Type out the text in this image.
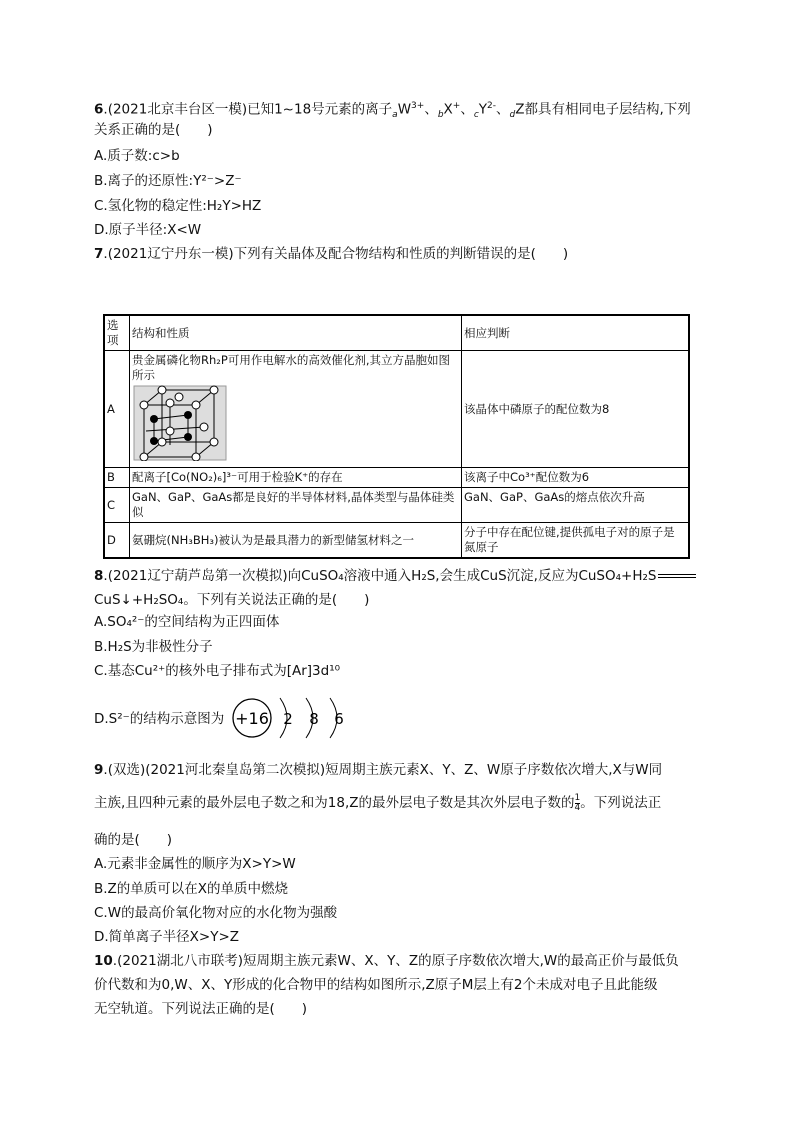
6.(2021北京丰台区一模)已知1~18号元素的离子$_aW^{3+}$、$_b$X+、$_cY^{2-}$、$_d$Z都具有相同电子层结构,下列
关系正确的是(　　)
A.质子数:c>b
B.离子的还原性:Y²⁻>Z⁻
C.氢化物的稳定性:H₂Y>HZ
D.原子半径:X<W
7.(2021辽宁丹东一模)下列有关晶体及配合物结构和性质的判断错误的是(　　)
选项	结构和性质	相应判断
A	贵金属磷化物Rh₂P可用作电解水的高效催化剂,其立方晶胞如图所示	该晶体中磷原子的配位数为8
B	配离子[Co(NO₂)₆]³⁻可用于检验K⁺的存在	该离子中Co³⁺配位数为6
C	GaN、GaP、GaAs都是良好的半导体材料,晶体类型与晶体硅类似	GaN、GaP、GaAs的熔点依次升高
D	氨硼烷(NH₃BH₃)被认为是最具潜力的新型储氢材料之一	分子中存在配位键,提供孤电子对的原子是氮原子
8.(2021辽宁葫芦岛第一次模拟)向CuSO₄溶液中通入H₂S,会生成CuS沉淀,反应为CuSO₄+H₂S
CuS↓+H₂SO₄。下列有关说法正确的是(　　)
A.SO₄²⁻的空间结构为正四面体
B.H₂S为非极性分子
C.基态Cu²⁺的核外电子排布式为[Ar]3d¹⁰
D.S²⁻的结构示意图为 +16 2 8 6
9.(双选)(2021河北秦皇岛第二次模拟)短周期主族元素X、Y、Z、W原子序数依次增大,X与W同
主族,且四种元素的最外层电子数之和为18,Z的最外层电子数是其次外层电子数的 $\frac{1}{4}$ 。下列说法正
确的是(　　)
A.元素非金属性的顺序为X>Y>W
B.Z的单质可以在X的单质中燃烧
C.W的最高价氧化物对应的水化物为强酸
D.简单离子半径X>Y>Z
10.(2021湖北八市联考)短周期主族元素W、X、Y、Z的原子序数依次增大,W的最高正价与最低负
价代数和为0,W、X、Y形成的化合物甲的结构如图所示,Z原子M层上有2个未成对电子且此能级
无空轨道。下列说法正确的是(　　)
